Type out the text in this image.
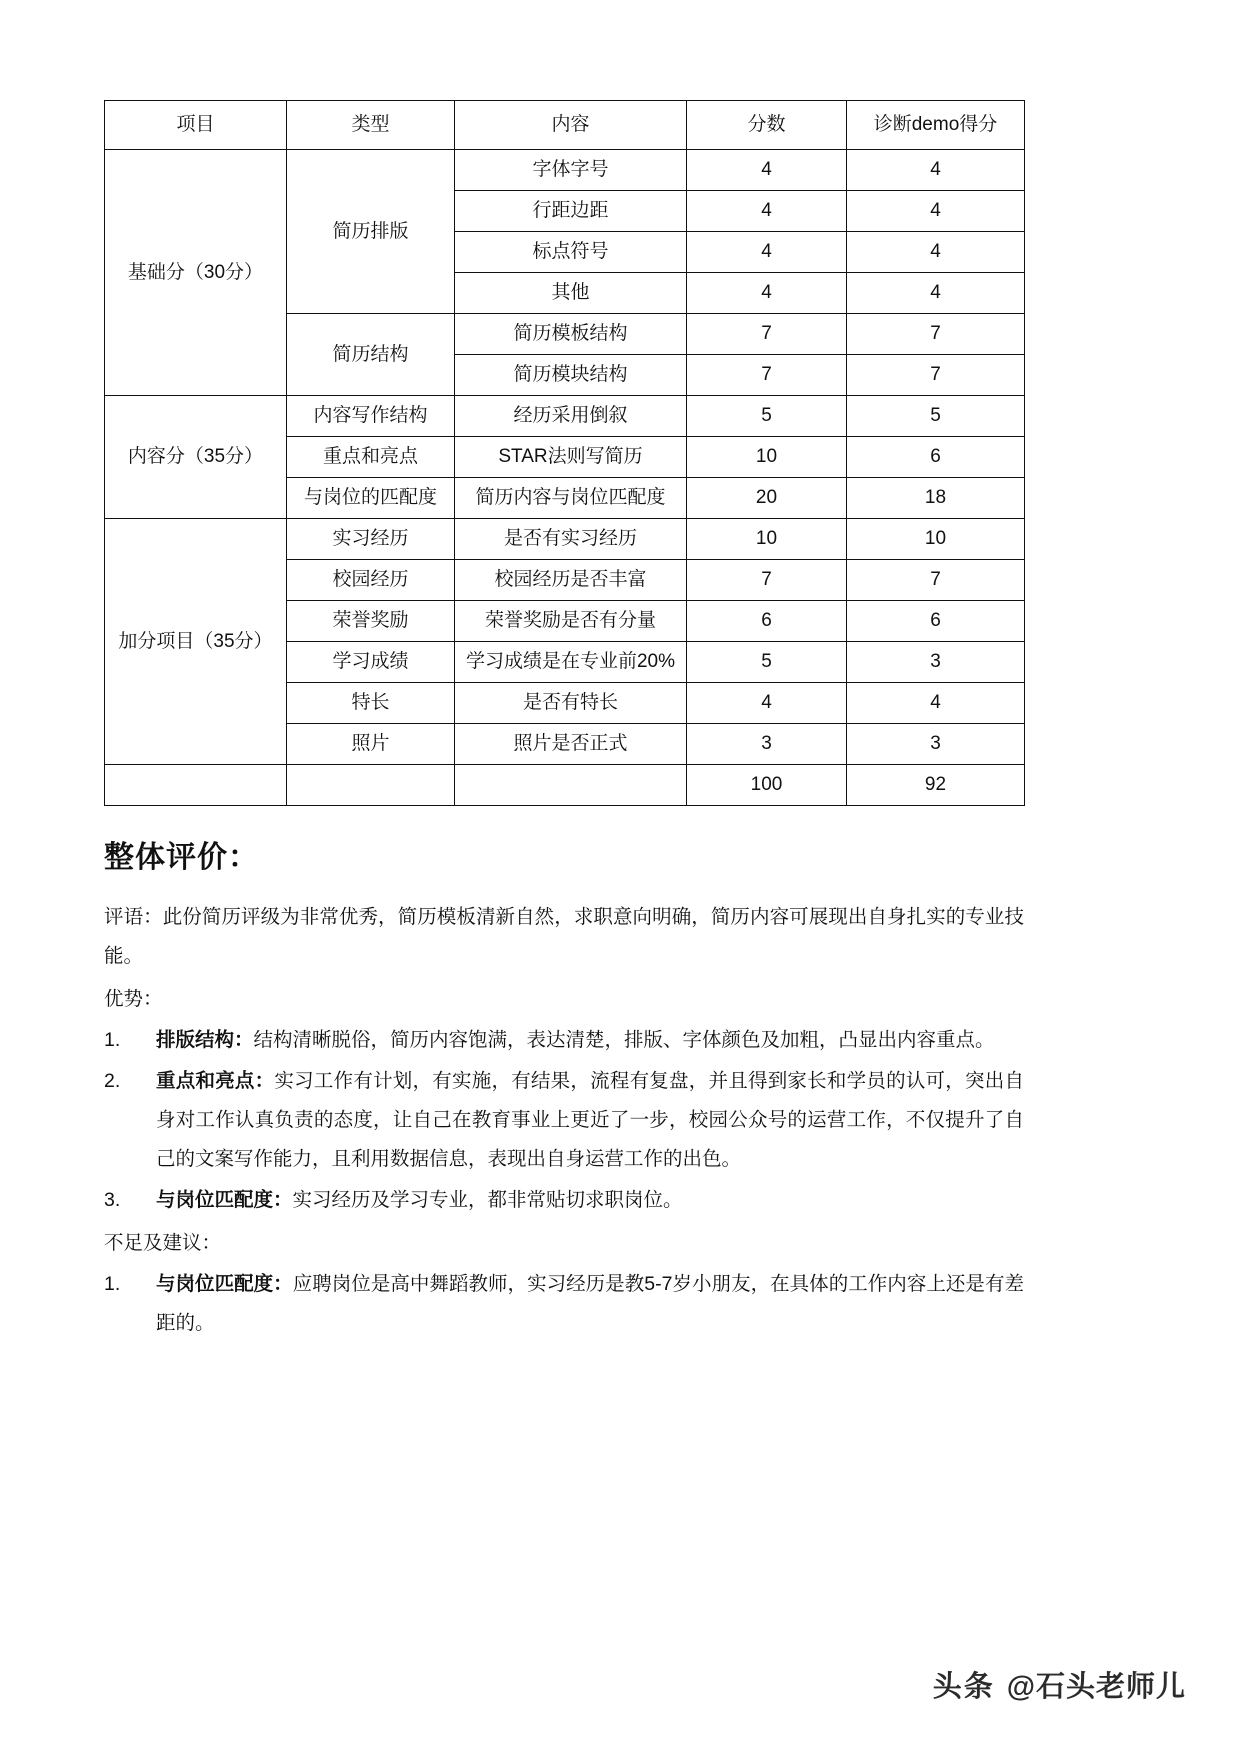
项目	类型	内容	分数	诊断demo得分
基础分（30分）	简历排版	字体字号	4	4
		行距边距	4	4
		标点符号	4	4
		其他	4	4
	简历结构	简历模板结构	7	7
		简历模块结构	7	7
内容分（35分）	内容写作结构	经历采用倒叙	5	5
	重点和亮点	STAR法则写简历	10	6
	与岗位的匹配度	简历内容与岗位匹配度	20	18
加分项目（35分）	实习经历	是否有实习经历	10	10
	校园经历	校园经历是否丰富	7	7
	荣誉奖励	荣誉奖励是否有分量	6	6
	学习成绩	学习成绩是在专业前20%	5	3
	特长	是否有特长	4	4
	照片	照片是否正式	3	3
			100	92
整体评价：

评语：此份简历评级为非常优秀，简历模板清新自然，求职意向明确，简历内容可展现出自身扎实的专业技能。

优势：

1.	排版结构：结构清晰脱俗，简历内容饱满，表达清楚，排版、字体颜色及加粗，凸显出内容重点。
2.	重点和亮点：实习工作有计划，有实施，有结果，流程有复盘，并且得到家长和学员的认可，突出自身对工作认真负责的态度，让自己在教育事业上更近了一步，校园公众号的运营工作，不仅提升了自己的文案写作能力，且利用数据信息，表现出自身运营工作的出色。
3.	与岗位匹配度：实习经历及学习专业，都非常贴切求职岗位。

不足及建议：

1.	与岗位匹配度：应聘岗位是高中舞蹈教师，实习经历是教5-7岁小朋友，在具体的工作内容上还是有差距的。
头条 @石头老师儿
